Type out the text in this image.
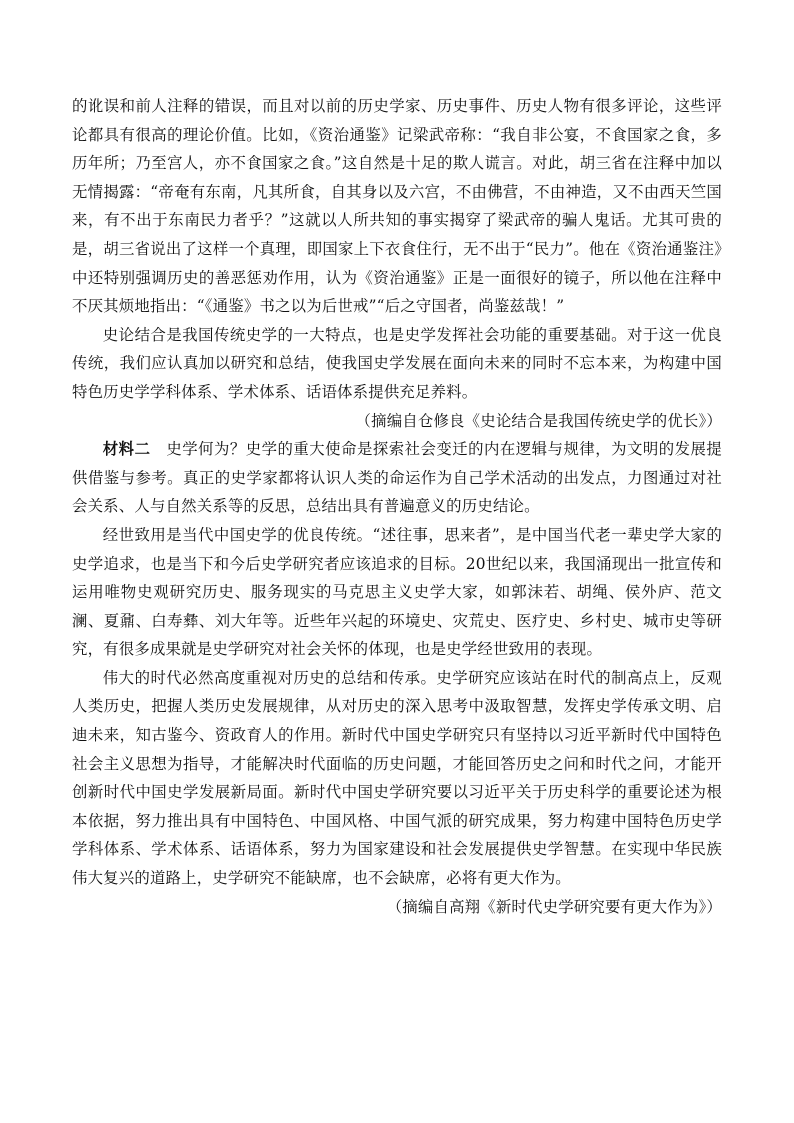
的讹误和前人注释的错误，而且对以前的历史学家、历史事件、历史人物有很多评论，这些评论都具有很高的理论价值。比如，《资治通鉴》记梁武帝称：“我自非公宴，不食国家之食，多历年所；乃至宫人，亦不食国家之食。”这自然是十足的欺人谎言。对此，胡三省在注释中加以无情揭露：“帝奄有东南，凡其所食，自其身以及六宫，不由佛营，不由神造，又不由西天竺国来，有不出于东南民力者乎？”这就以人所共知的事实揭穿了梁武帝的骗人鬼话。尤其可贵的是，胡三省说出了这样一个真理，即国家上下衣食住行，无不出于“民力”。他在《资治通鉴注》中还特别强调历史的善恶惩劝作用，认为《资治通鉴》正是一面很好的镜子，所以他在注释中不厌其烦地指出：“《通鉴》书之以为后世戒”“后之守国者，尚鉴兹哉！”

史论结合是我国传统史学的一大特点，也是史学发挥社会功能的重要基础。对于这一优良传统，我们应认真加以研究和总结，使我国史学发展在面向未来的同时不忘本来，为构建中国特色历史学学科体系、学术体系、话语体系提供充足养料。

（摘编自仓修良《史论结合是我国传统史学的优长》）

材料二　 史学何为？史学的重大使命是探索社会变迁的内在逻辑与规律，为文明的发展提供借鉴与参考。真正的史学家都将认识人类的命运作为自己学术活动的出发点，力图通过对社会关系、人与自然关系等的反思，总结出具有普遍意义的历史结论。

经世致用是当代中国史学的优良传统。“述往事，思来者”，是中国当代老一辈史学大家的史学追求，也是当下和今后史学研究者应该追求的目标。20世纪以来，我国涌现出一批宣传和运用唯物史观研究历史、服务现实的马克思主义史学大家，如郭沫若、胡绳、侯外庐、范文澜、夏鼐、白寿彝、刘大年等。近些年兴起的环境史、灾荒史、医疗史、乡村史、城市史等研究，有很多成果就是史学研究对社会关怀的体现，也是史学经世致用的表现。

伟大的时代必然高度重视对历史的总结和传承。史学研究应该站在时代的制高点上，反观人类历史，把握人类历史发展规律，从对历史的深入思考中汲取智慧，发挥史学传承文明、启迪未来，知古鉴今、资政育人的作用。新时代中国史学研究只有坚持以习近平新时代中国特色社会主义思想为指导，才能解决时代面临的历史问题，才能回答历史之问和时代之问，才能开创新时代中国史学发展新局面。新时代中国史学研究要以习近平关于历史科学的重要论述为根本依据，努力推出具有中国特色、中国风格、中国气派的研究成果，努力构建中国特色历史学学科体系、学术体系、话语体系，努力为国家建设和社会发展提供史学智慧。在实现中华民族伟大复兴的道路上，史学研究不能缺席，也不会缺席，必将有更大作为。

（摘编自高翔《新时代史学研究要有更大作为》）
